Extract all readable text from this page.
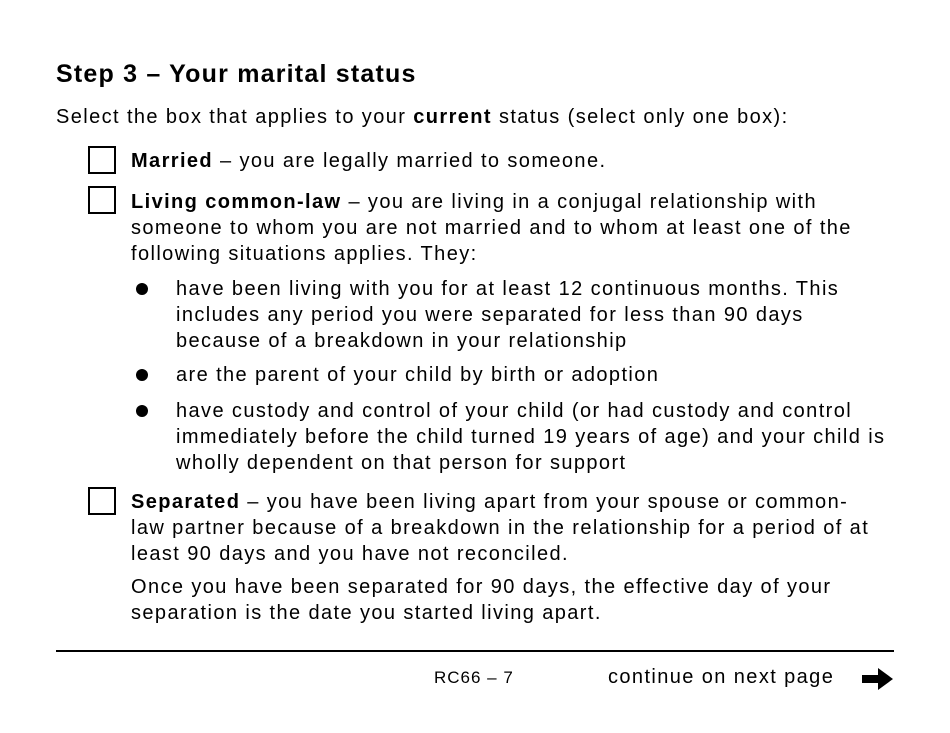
Step 3 – Your marital status
Select the box that applies to your current status (select only one box):
Married – you are legally married to someone.
Living common-law – you are living in a conjugal relationship with someone to whom you are not married and to whom at least one of the following situations applies. They:
have been living with you for at least 12 continuous months. This includes any period you were separated for less than 90 days because of a breakdown in your relationship
are the parent of your child by birth or adoption
have custody and control of your child (or had custody and control immediately before the child turned 19 years of age) and your child is wholly dependent on that person for support
Separated – you have been living apart from your spouse or common-law partner because of a breakdown in the relationship for a period of at least 90 days and you have not reconciled.
Once you have been separated for 90 days, the effective day of your separation is the date you started living apart.
RC66 – 7	continue on next page
